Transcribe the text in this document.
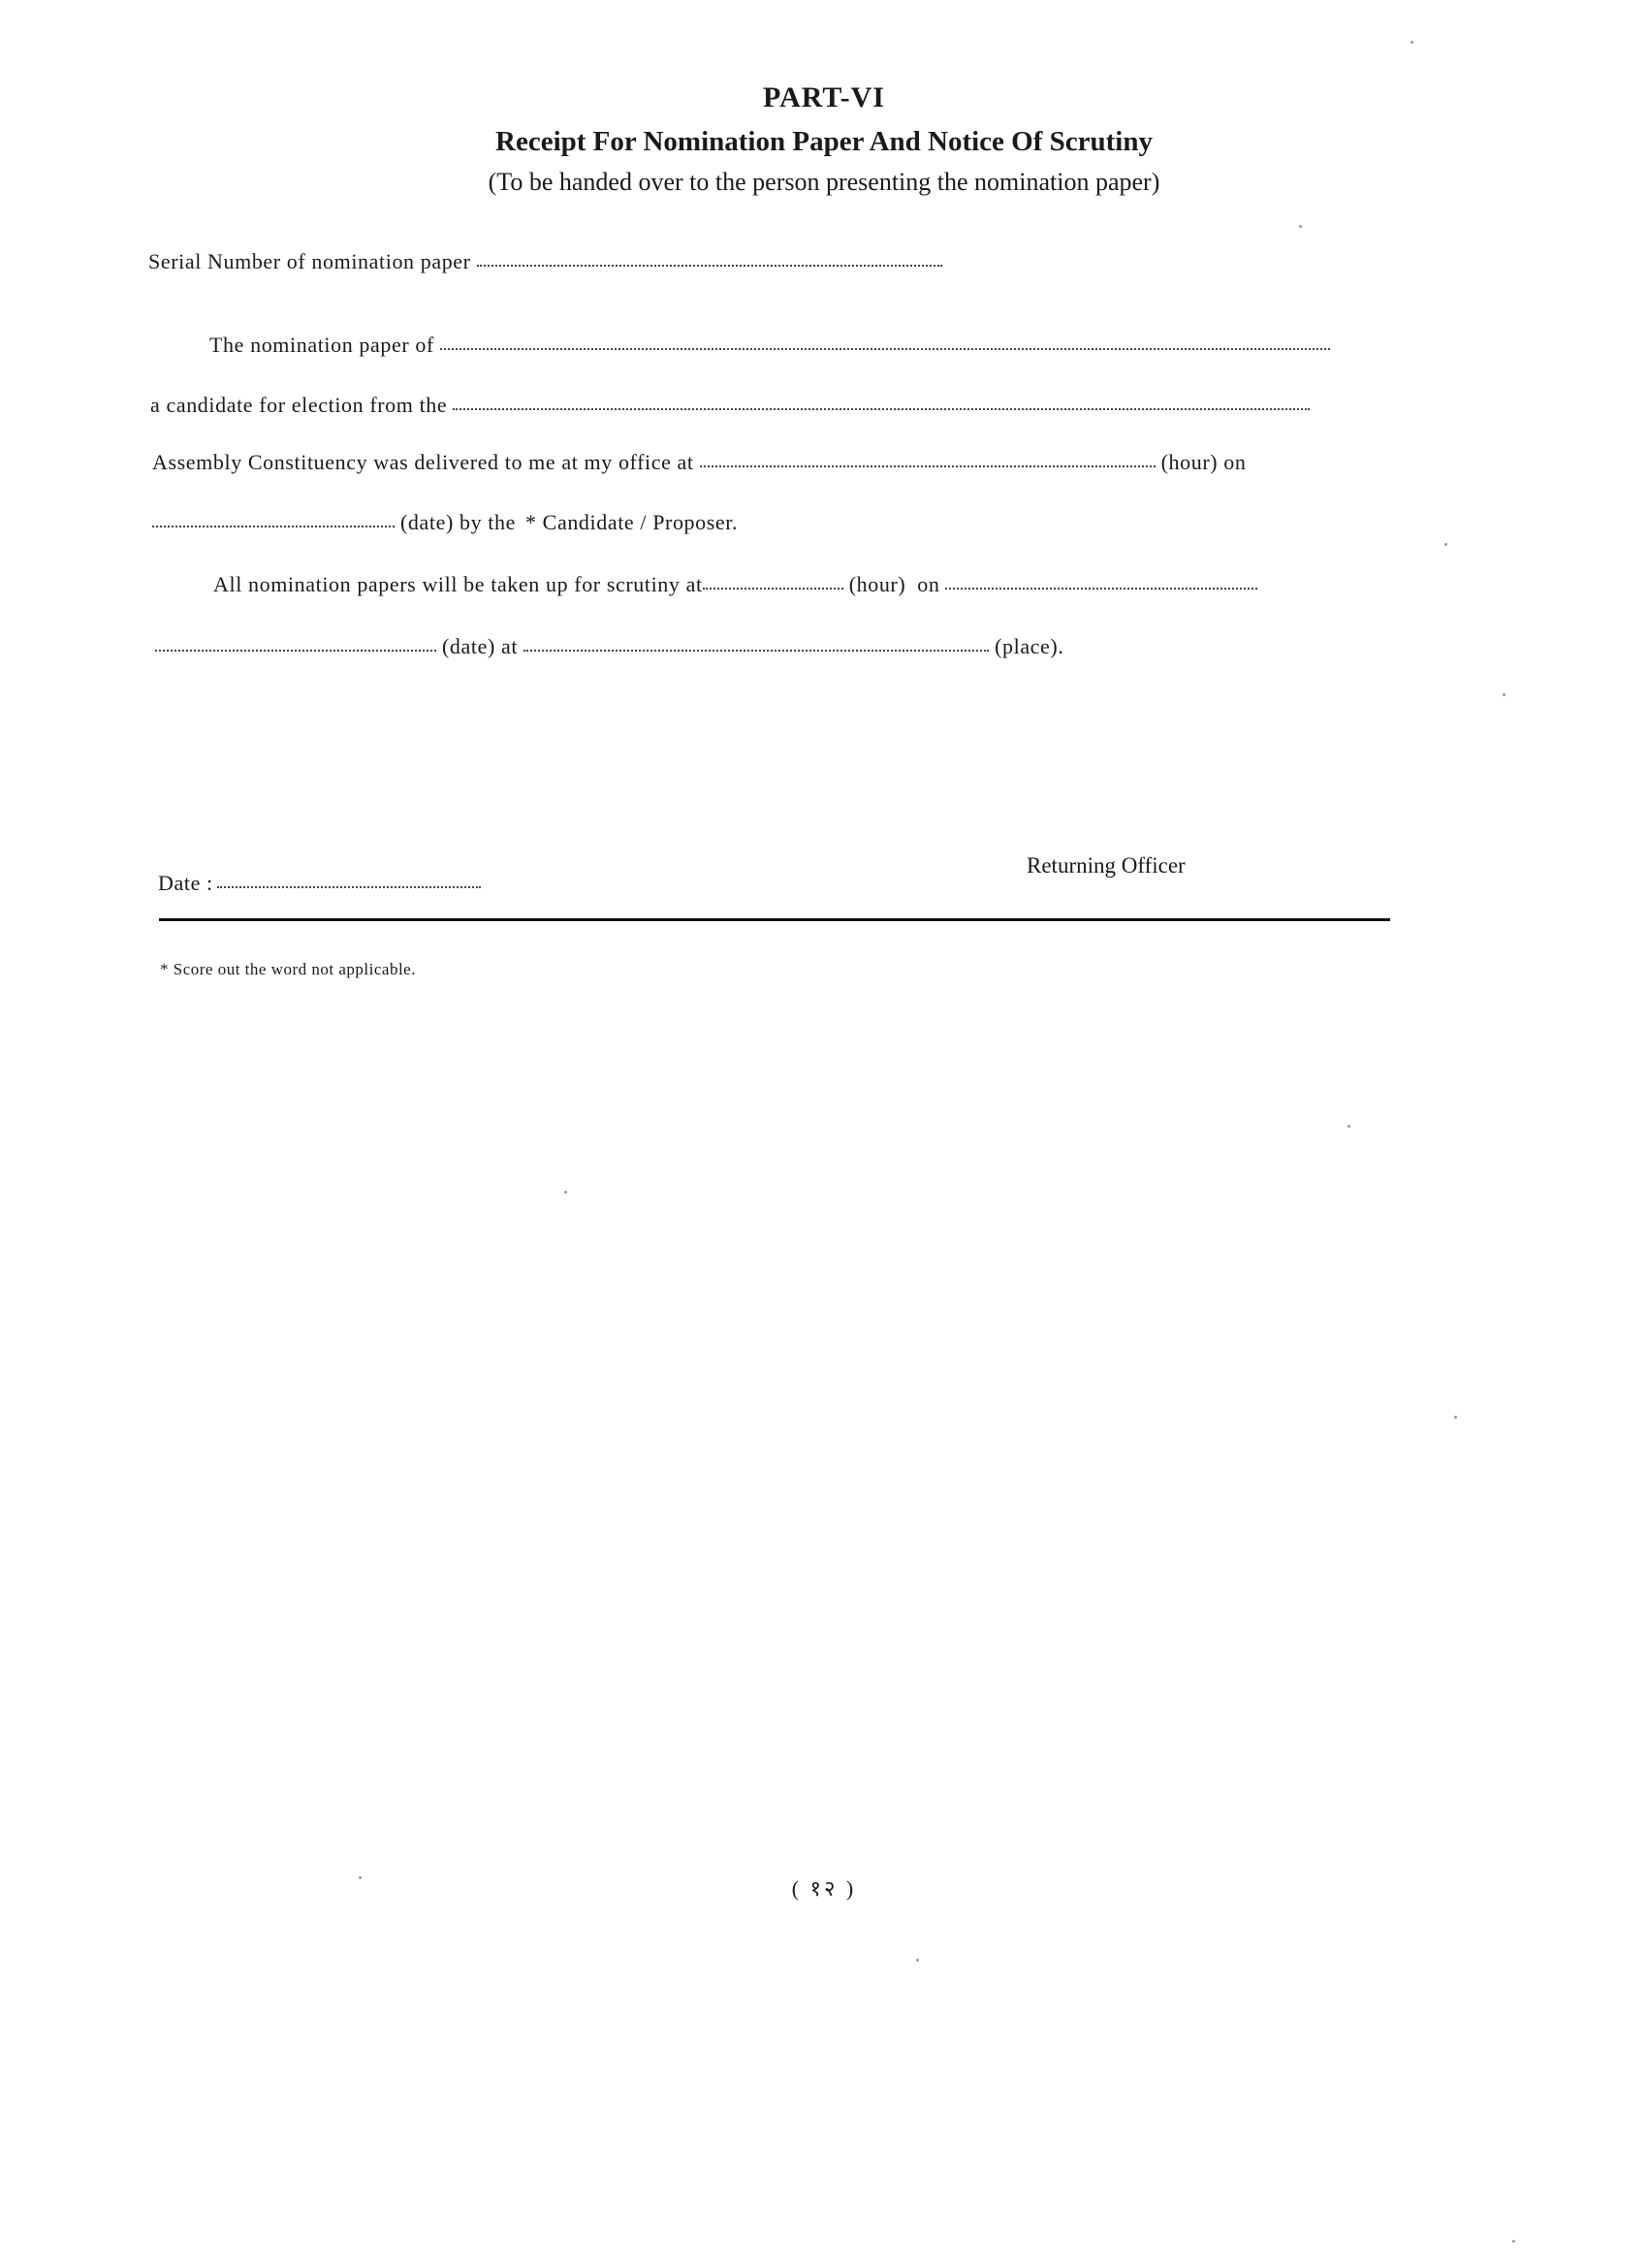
PART-VI
Receipt For Nomination Paper And Notice Of Scrutiny
(To be handed over to the person presenting the nomination paper)
Serial Number of nomination paper
The nomination paper of
a candidate for election from the
Assembly Constituency was delivered to me at my office at	(hour) on
(date) by the * Candidate / Proposer.
All nomination papers will be taken up for scrutiny at	(hour) on
(date) at	(place).
Date :
Returning Officer
* Score out the word not applicable.
( १२ )
